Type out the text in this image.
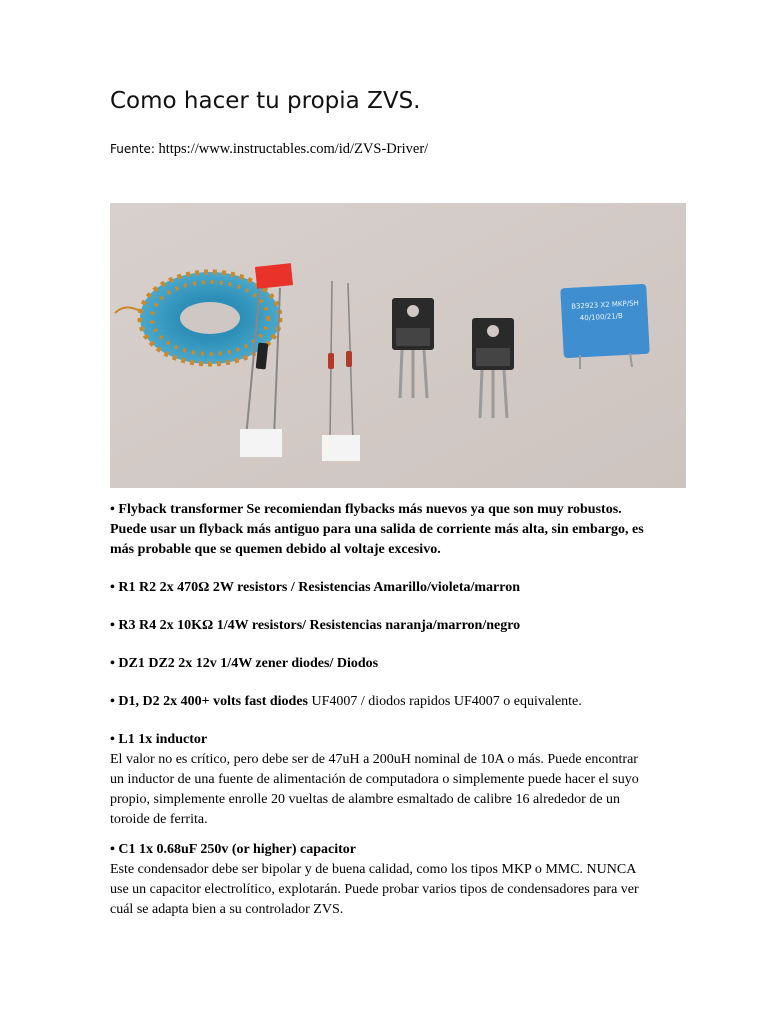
Como hacer tu propia ZVS.

Fuente: https://www.instructables.com/id/ZVS-Driver/

B32923 X2 MKP/SH
40/100/21/B

• Flyback transformer Se recomiendan flybacks más nuevos ya que son muy robustos. Puede usar un flyback más antiguo para una salida de corriente más alta, sin embargo, es más probable que se quemen debido al voltaje excesivo.

• R1 R2 2x 470Ω 2W resistors / Resistencias Amarillo/violeta/marron

• R3 R4 2x 10KΩ 1/4W resistors/ Resistencias naranja/marron/negro

• DZ1 DZ2 2x 12v 1/4W zener diodes/ Diodos

• D1, D2 2x 400+ volts fast diodes UF4007 / diodos rapidos UF4007 o equivalente.

• L1 1x inductor

El valor no es crítico, pero debe ser de 47uH a 200uH nominal de 10A o más. Puede encontrar un inductor de una fuente de alimentación de computadora o simplemente puede hacer el suyo propio, simplemente enrolle 20 vueltas de alambre esmaltado de calibre 16 alrededor de un toroide de ferrita.

• C1 1x 0.68uF 250v (or higher) capacitor

Este condensador debe ser bipolar y de buena calidad, como los tipos MKP o MMC. NUNCA use un capacitor electrolítico, explotarán. Puede probar varios tipos de condensadores para ver cuál se adapta bien a su controlador ZVS.
